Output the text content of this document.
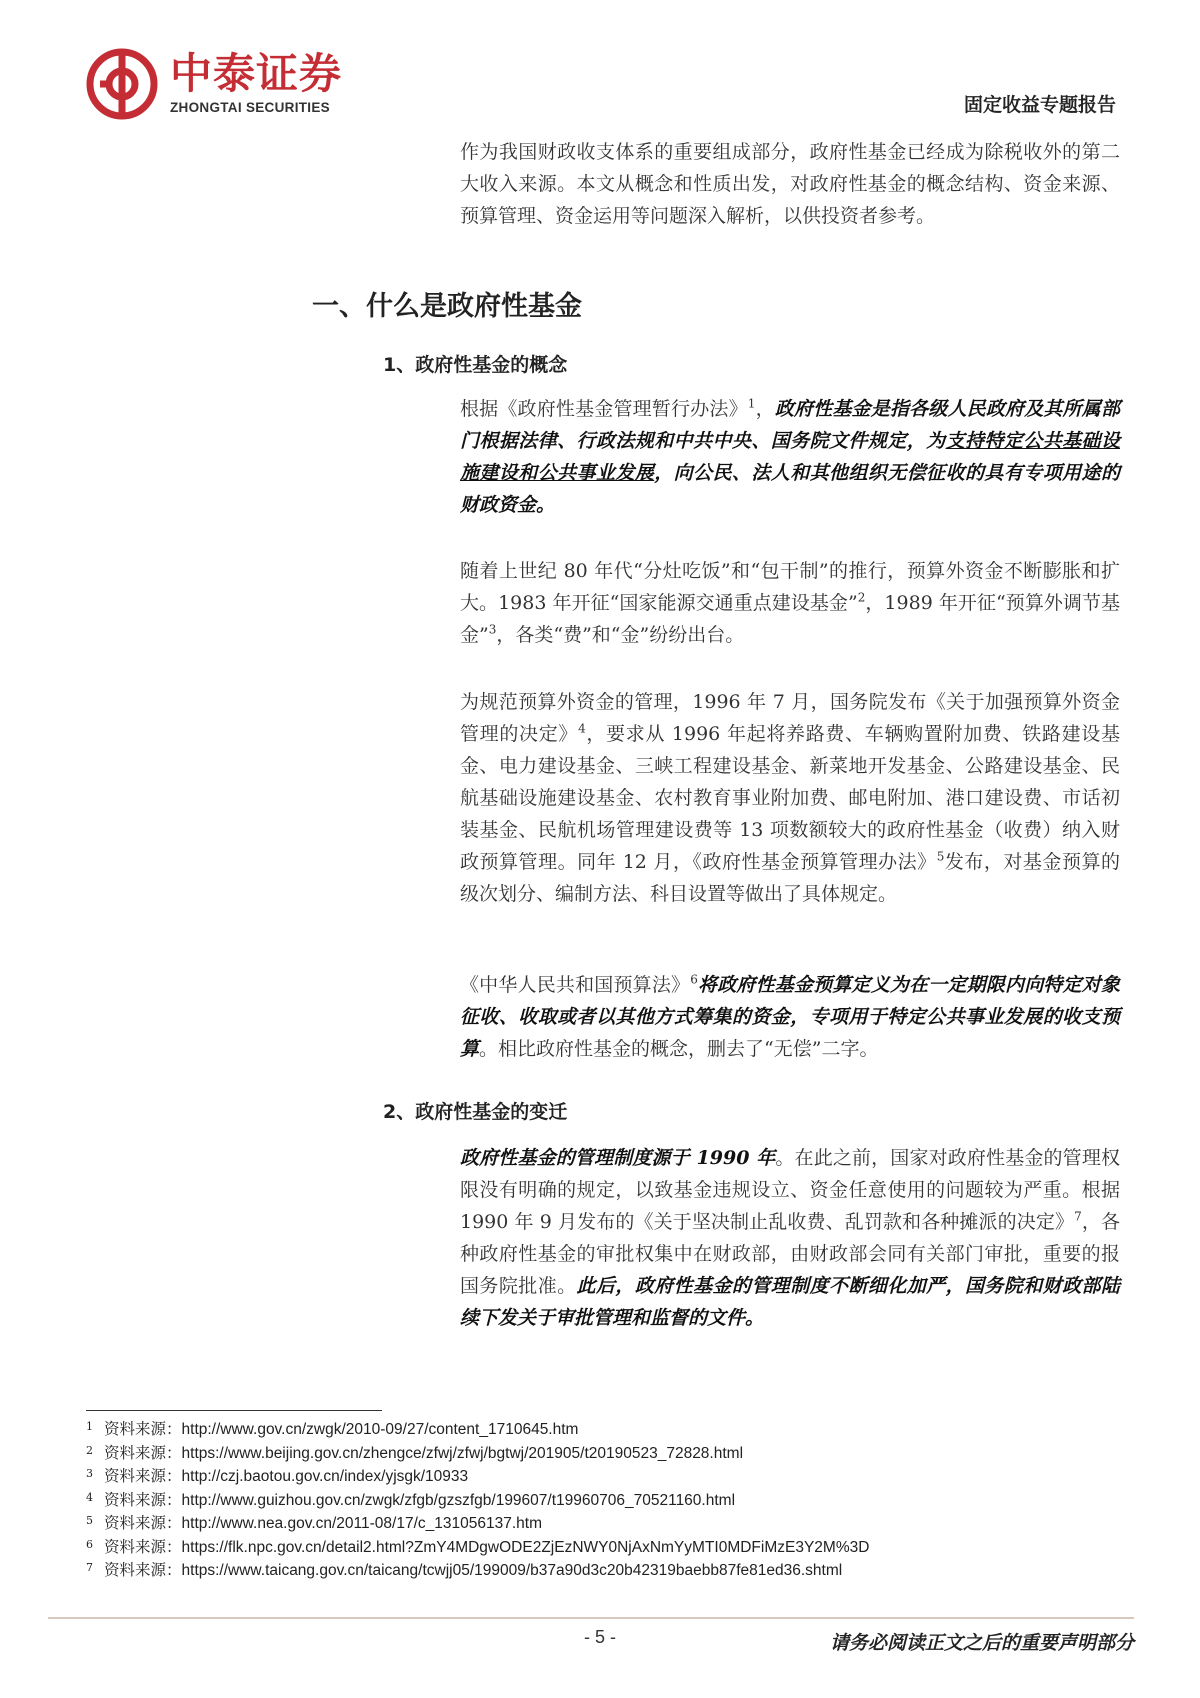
中泰证券
ZHONGTAI SECURITIES	固定收益专题报告

作为我国财政收支体系的重要组成部分，政府性基金已经成为除税收外的第二大收入来源。本文从概念和性质出发，对政府性基金的概念结构、资金来源、预算管理、资金运用等问题深入解析，以供投资者参考。

一、什么是政府性基金
1、政府性基金的概念

根据《政府性基金管理暂行办法》$^1$，政府性基金是指各级人民政府及其所属部门根据法律、行政法规和中共中央、国务院文件规定，为支持特定公共基础设施建设和公共事业发展，向公民、法人和其他组织无偿征收的具有专项用途的财政资金。

随着上世纪 80 年代“分灶吃饭”和“包干制”的推行，预算外资金不断膨胀和扩大。1983 年开征“国家能源交通重点建设基金”$^2$，1989 年开征“预算外调节基金”$^3$，各类“费”和“金”纷纷出台。

为规范预算外资金的管理，1996 年 7 月，国务院发布《关于加强预算外资金管理的决定》$^4$，要求从 1996 年起将养路费、车辆购置附加费、铁路建设基金、电力建设基金、三峡工程建设基金、新菜地开发基金、公路建设基金、民航基础设施建设基金、农村教育事业附加费、邮电附加、港口建设费、市话初装基金、民航机场管理建设费等 13 项数额较大的政府性基金（收费）纳入财政预算管理。同年 12 月，《政府性基金预算管理办法》$^5$发布，对基金预算的级次划分、编制方法、科目设置等做出了具体规定。

《中华人民共和国预算法》$^6$将政府性基金预算定义为在一定期限内向特定对象征收、收取或者以其他方式筹集的资金，专项用于特定公共事业发展的收支预算。相比政府性基金的概念，删去了“无偿”二字。

2、政府性基金的变迁

政府性基金的管理制度源于 1990 年。在此之前，国家对政府性基金的管理权限没有明确的规定，以致基金违规设立、资金任意使用的问题较为严重。根据 1990 年 9 月发布的《关于坚决制止乱收费、乱罚款和各种摊派的决定》$^7$，各种政府性基金的审批权集中在财政部，由财政部会同有关部门审批，重要的报国务院批准。此后，政府性基金的管理制度不断细化加严，国务院和财政部陆续下发关于审批管理和监督的文件。

1 资料来源：http://www.gov.cn/zwgk/2010-09/27/content_1710645.htm
2 资料来源：https://www.beijing.gov.cn/zhengce/zfwj/zfwj/bgtwj/201905/t20190523_72828.html
3 资料来源：http://czj.baotou.gov.cn/index/yjsgk/10933
4 资料来源：http://www.guizhou.gov.cn/zwgk/zfgb/gzszfgb/199607/t19960706_70521160.html
5 资料来源：http://www.nea.gov.cn/2011-08/17/c_131056137.htm
6 资料来源：https://flk.npc.gov.cn/detail2.html?ZmY4MDgwODE2ZjEzNWY0NjAxNmYyMTI0MDFiMzE3Y2M%3D
7 资料来源：https://www.taicang.gov.cn/taicang/tcwjj05/199009/b37a90d3c20b42319baebb87fe81ed36.shtml
- 5 -	请务必阅读正文之后的重要声明部分
